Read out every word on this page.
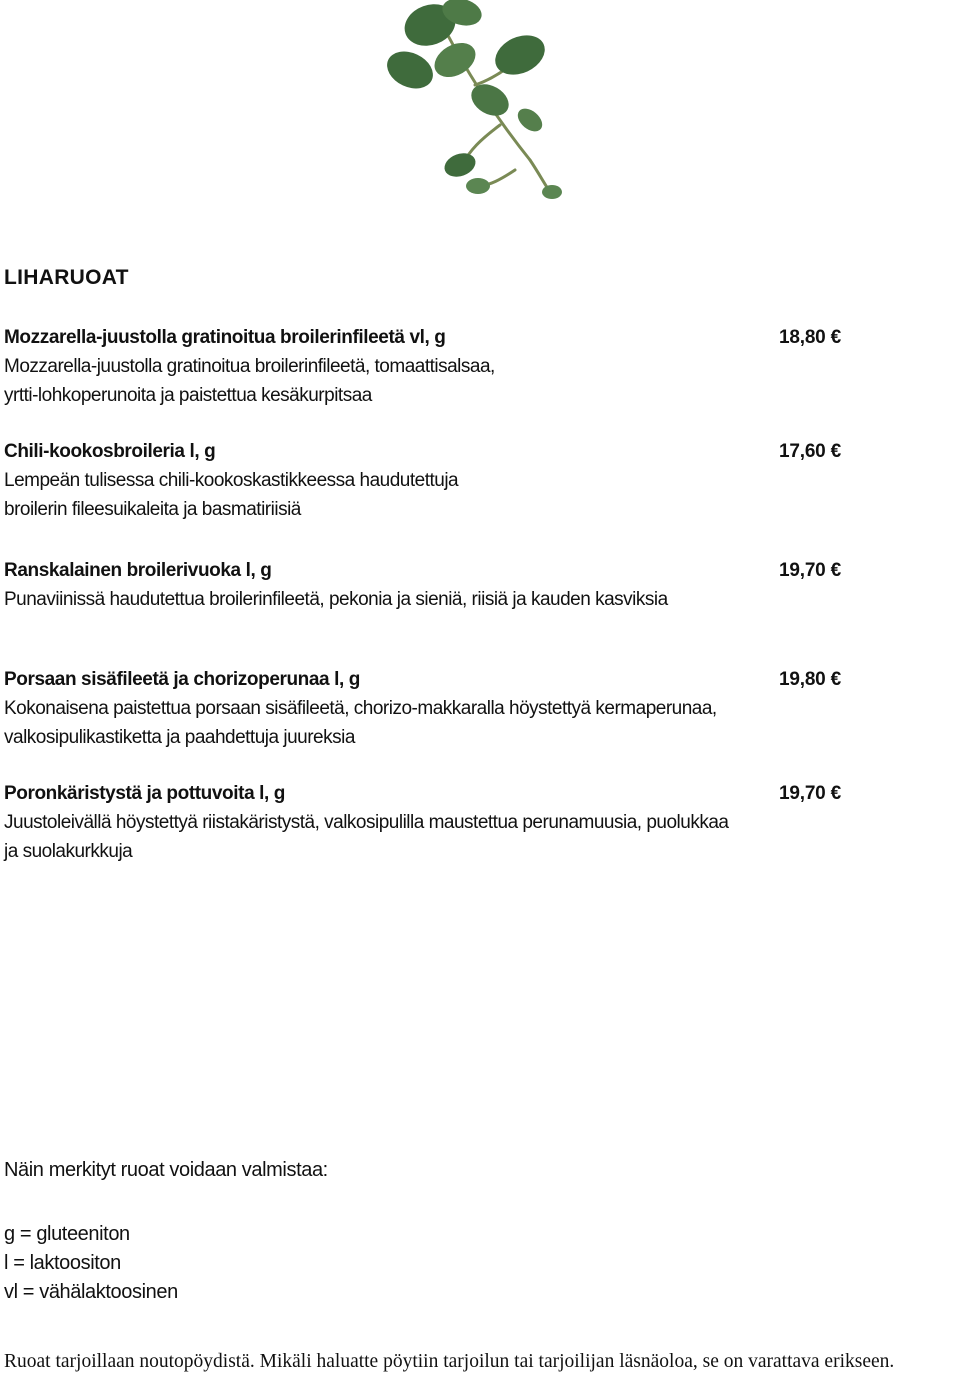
LIHARUOAT
Mozzarella-juustolla gratinoitua broilerinfileetä vl, g	18,80 €
Mozzarella-juustolla gratinoitua broilerinfileetä, tomaattisalsaa,
yrtti-lohkoperunoita ja paistettua kesäkurpitsaa
Chili-kookosbroileria l, g	17,60 €
Lempeän tulisessa chili-kookoskastikkeessa haudutettuja
broilerin fileesuikaleita ja basmatiriisiä
Ranskalainen broilerivuoka l, g	19,70 €
Punaviinissä haudutettua broilerinfileetä, pekonia ja sieniä, riisiä ja kauden kasviksia
Porsaan sisäfileetä ja chorizoperunaa l, g	19,80 €
Kokonaisena paistettua porsaan sisäfileetä, chorizo-makkaralla höystettyä kermaperunaa,
valkosipulikastiketta ja paahdettuja juureksia
Poronkäristystä ja pottuvoita l, g	19,70 €
Juustoleivällä höystettyä riistakäristystä, valkosipulilla maustettua perunamuusia, puolukkaa
ja suolakurkkuja
Näin merkityt ruoat voidaan valmistaa:
g = gluteeniton
l = laktoositon
vl = vähälaktoosinen
Ruoat tarjoillaan noutopöydistä. Mikäli haluatte pöytiin tarjoilun tai tarjoilijan läsnäoloa, se on varattava erikseen.
